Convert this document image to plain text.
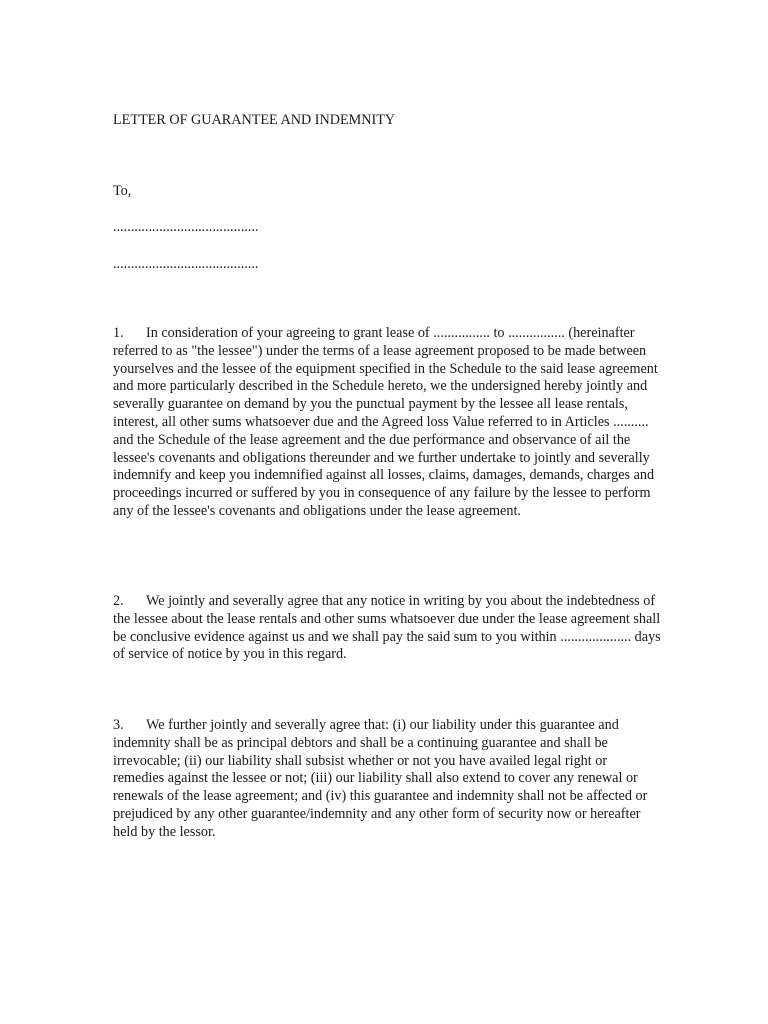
LETTER OF GUARANTEE AND INDEMNITY
To,
.........................................
.........................................
1. In consideration of your agreeing to grant lease of ................ to ................ (hereinafter referred to as "the lessee") under the terms of a lease agreement proposed to be made between yourselves and the lessee of the equipment specified in the Schedule to the said lease agreement and more particularly described in the Schedule hereto, we the undersigned hereby jointly and severally guarantee on demand by you the punctual payment by the lessee all lease rentals, interest, all other sums whatsoever due and the Agreed loss Value referred to in Articles .......... and the Schedule of the lease agreement and the due performance and observance of ail the lessee's covenants and obligations thereunder and we further undertake to jointly and severally indemnify and keep you indemnified against all losses, claims, damages, demands, charges and proceedings incurred or suffered by you in consequence of any failure by the lessee to perform any of the lessee's covenants and obligations under the lease agreement.
2. We jointly and severally agree that any notice in writing by you about the indebtedness of the lessee about the lease rentals and other sums whatsoever due under the lease agreement shall be conclusive evidence against us and we shall pay the said sum to you within .................... days of service of notice by you in this regard.
3. We further jointly and severally agree that: (i) our liability under this guarantee and indemnity shall be as principal debtors and shall be a continuing guarantee and shall be irrevocable; (ii) our liability shall subsist whether or not you have availed legal right or remedies against the lessee or not; (iii) our liability shall also extend to cover any renewal or renewals of the lease agreement; and (iv) this guarantee and indemnity shall not be affected or prejudiced by any other guarantee/indemnity and any other form of security now or hereafter held by the lessor.
